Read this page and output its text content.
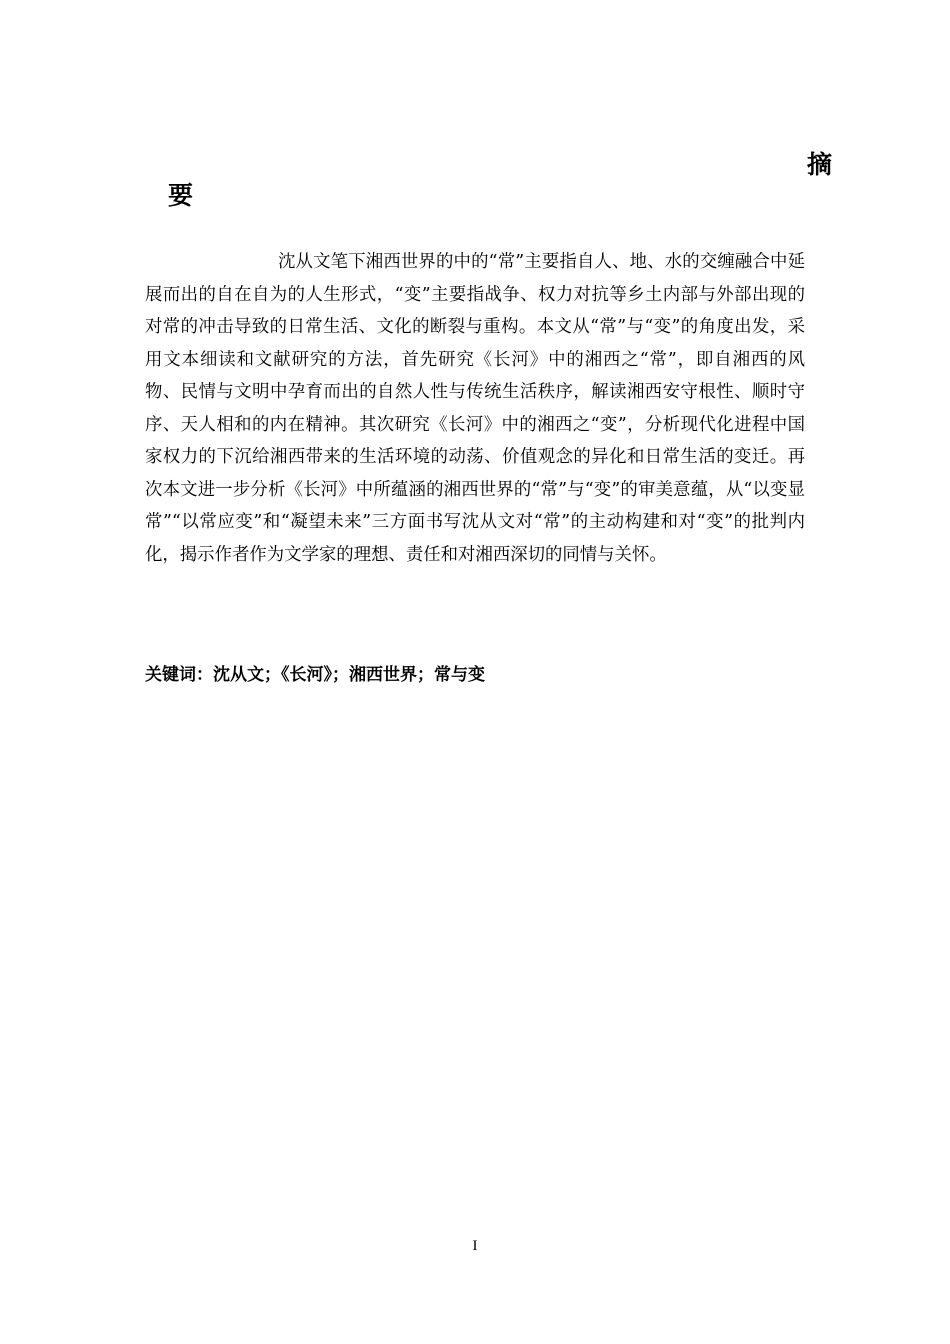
摘
要

沈从文笔下湘西世界的中的“常”主要指自人、地、水的交缠融合中延展而出的自在自为的人生形式，“变”主要指战争、权力对抗等乡土内部与外部出现的对常的冲击导致的日常生活、文化的断裂与重构。本文从“常”与“变”的角度出发，采用文本细读和文献研究的方法，首先研究《长河》中的湘西之“常”，即自湘西的风物、民情与文明中孕育而出的自然人性与传统生活秩序，解读湘西安守根性、顺时守序、天人相和的内在精神。其次研究《长河》中的湘西之“变”，分析现代化进程中国家权力的下沉给湘西带来的生活环境的动荡、价值观念的异化和日常生活的变迁。再次本文进一步分析《长河》中所蕴涵的湘西世界的“常”与“变”的审美意蕴，从“以变显常”“以常应变”和“凝望未来”三方面书写沈从文对“常”的主动构建和对“变”的批判内化，揭示作者作为文学家的理想、责任和对湘西深切的同情与关怀。

关键词：沈从文；《长河》；湘西世界；常与变

I
